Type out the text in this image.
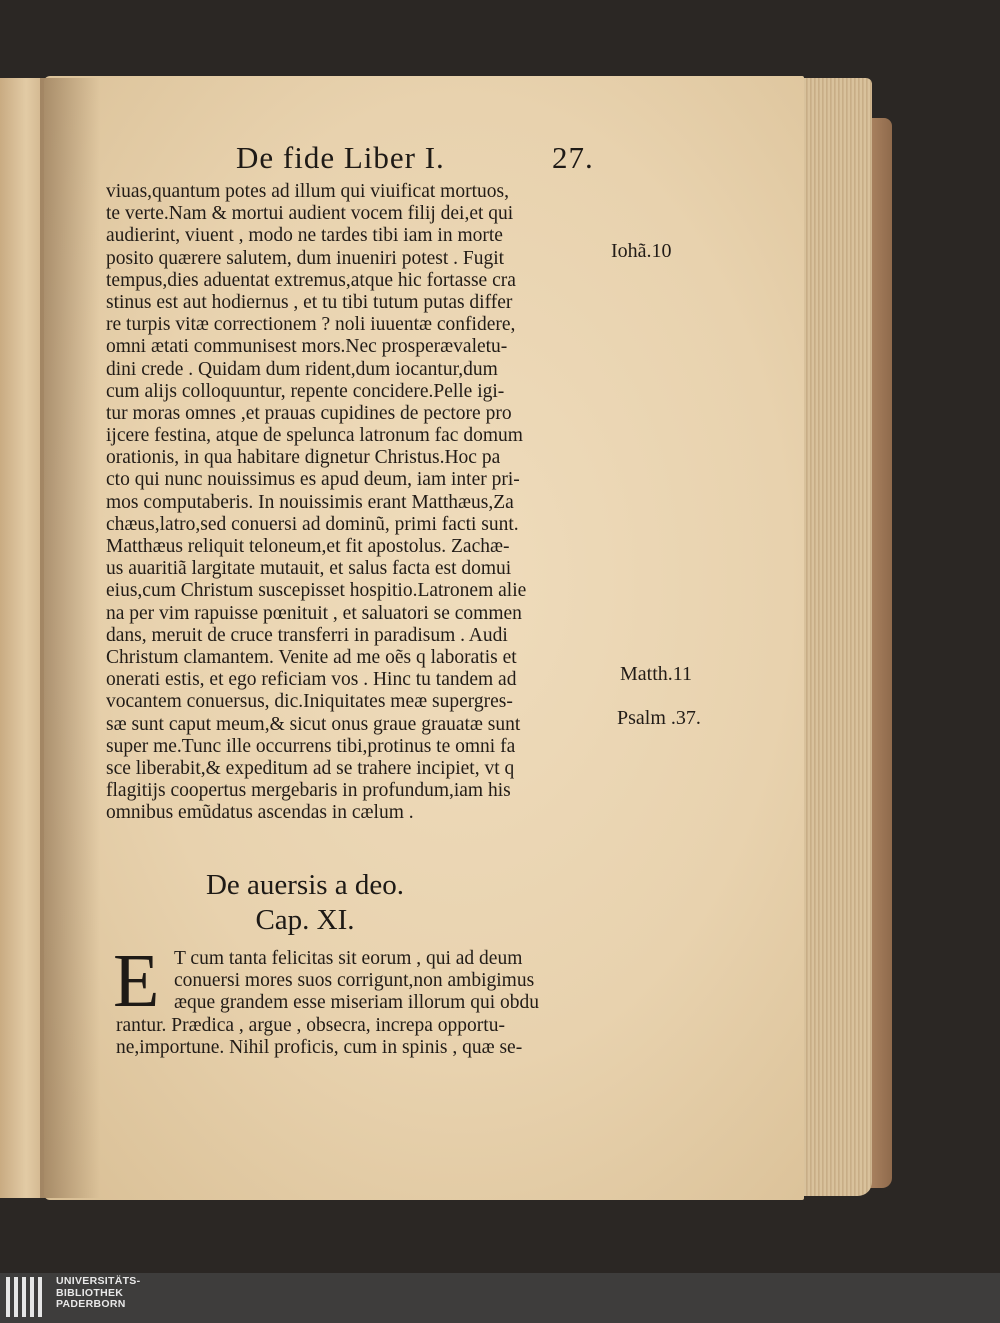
De fide Liber I.	27.
viuas,quantum potes ad illum qui viuificat mortuos,
te verte.Nam & mortui audient vocem filij dei,et qui
audierint, viuent , modo ne tardes tibi iam in morte
posito quærere salutem, dum inueniri potest . Fugit
tempus,dies aduentat extremus,atque hic fortasse cra
stinus est aut hodiernus , et tu tibi tutum putas differ
re turpis vitæ correctionem ? noli iuuentæ confidere,
omni ætati communisest mors.Nec prosperævaletu-
dini crede . Quidam dum rident,dum iocantur,dum
cum alijs colloquuntur, repente concidere.Pelle igi-
tur moras omnes ,et prauas cupidines de pectore pro
ijcere festina, atque de spelunca latronum fac domum
orationis, in qua habitare dignetur Christus.Hoc pa
cto qui nunc nouissimus es apud deum, iam inter pri-
mos computaberis. In nouissimis erant Matthæus,Za
chæus,latro,sed conuersi ad dominũ, primi facti sunt.
Matthæus reliquit teloneum,et fit apostolus. Zachæ-
us auaritiã largitate mutauit, et salus facta est domui
eius,cum Christum suscepisset hospitio.Latronem alie
na per vim rapuisse pœnituit , et saluatori se commen
dans, meruit de cruce transferri in paradisum . Audi
Christum clamantem. Venite ad me oẽs q laboratis et
onerati estis, et ego reficiam vos . Hinc tu tandem ad
vocantem conuersus, dic.Iniquitates meæ supergres-
sæ sunt caput meum,& sicut onus graue grauatæ sunt
super me.Tunc ille occurrens tibi,protinus te omni fa
sce liberabit,& expeditum ad se trahere incipiet, vt q
flagitijs coopertus mergebaris in profundum,iam his
omnibus emũdatus ascendas in cælum .
Iohã.10
Matth.11
Psalm .37.
De auersis a deo.
Cap. XI.
E T cum tanta felicitas sit eorum , qui ad deum
conuersi mores suos corrigunt,non ambigimus
æque grandem esse miseriam illorum qui obdu
rantur. Prædica , argue , obsecra, increpa opportu-
ne,importune. Nihil proficis, cum in spinis , quæ se-
UNIVERSITÄTS-
BIBLIOTHEK
PADERBORN
